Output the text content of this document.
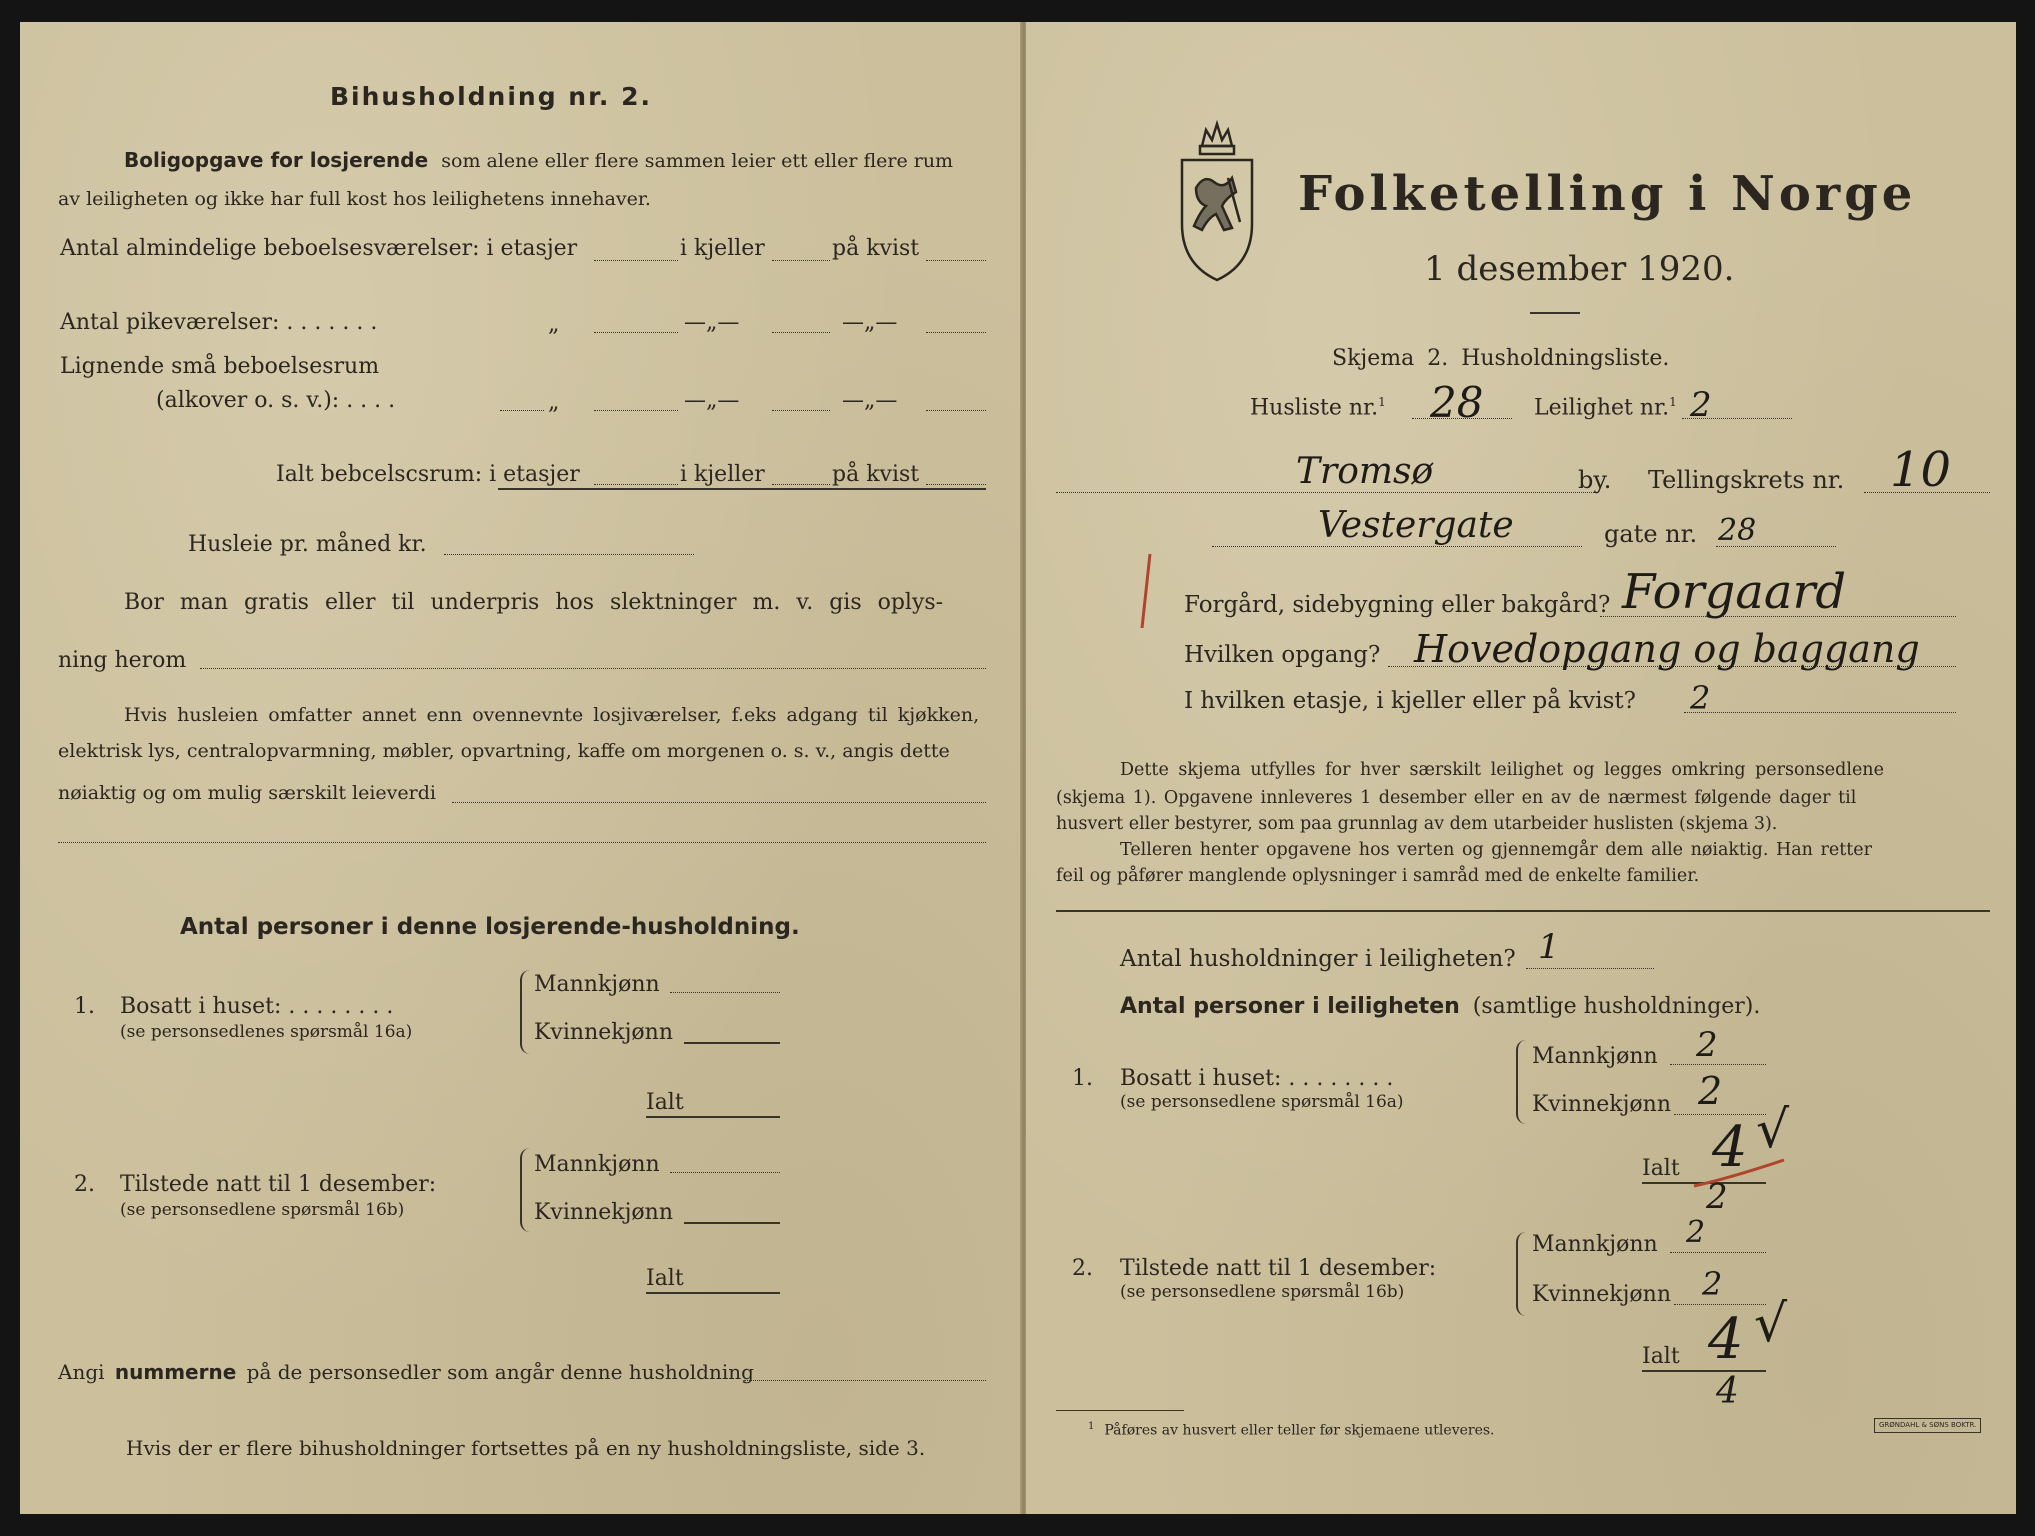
Bihusholdning nr. 2.
Boligopgave for losjerende som alene eller flere sammen leier ett eller flere rum
av leiligheten og ikke har full kost hos leilighetens innehaver.
Antal almindelige beboelsesværelser: i etasjer	i kjeller	på kvist
Antal pikeværelser: . . . . . . .	„	—„—	—„—
Lignende små beboelsesrum
(alkover o. s. v.): . . . .	„	—„—	—„—
Ialt bebcelscsrum: i etasjer	i kjeller	på kvist
Husleie pr. måned kr.
Bor man gratis eller til underpris hos slektninger m. v. gis oplys-
ning herom
Hvis husleien omfatter annet enn ovennevnte losjiværelser, f.eks adgang til kjøkken,
elektrisk lys, centralopvarmning, møbler, opvartning, kaffe om morgenen o. s. v., angis dette
nøiaktig og om mulig særskilt leieverdi
Antal personer i denne losjerende-husholdning.
1. Bosatt i huset: . . . . . . . .
(se personsedlenes spørsmål 16a)
Mannkjønn
Kvinnekjønn
Ialt
2. Tilstede natt til 1 desember:
(se personsedlene spørsmål 16b)
Mannkjønn
Kvinnekjønn
Ialt
Angi nummerne på de personsedler som angår denne husholdning
Hvis der er flere bihusholdninger fortsettes på en ny husholdningsliste, side 3.
Folketelling i Norge
1 desember 1920.
Skjema 2. Husholdningsliste.
Husliste nr.$^1$ 28 Leilighet nr.$^1$ 2
Tromsø	by. Tellingskrets nr. 10
Vestergate	gate nr. 28
Forgård, sidebygning eller bakgård? Forgaard
Hvilken opgang? Hovedopgang og baggang
I hvilken etasje, i kjeller eller på kvist? 2
Dette skjema utfylles for hver særskilt leilighet og legges omkring personsedlene
(skjema 1). Opgavene innleveres 1 desember eller en av de nærmest følgende dager til
husvert eller bestyrer, som paa grunnlag av dem utarbeider huslisten (skjema 3).
Telleren henter opgavene hos verten og gjennemgår dem alle nøiaktig. Han retter
feil og påfører manglende oplysninger i samråd med de enkelte familier.
Antal husholdninger i leiligheten? 1
Antal personer i leiligheten (samtlige husholdninger).
1. Bosatt i huset: . . . . . . . .
(se personsedlene spørsmål 16a)
Mannkjønn 2
Kvinnekjønn 2
Ialt 4 √
2
2. Tilstede natt til 1 desember:
(se personsedlene spørsmål 16b)
Mannkjønn 2
Kvinnekjønn 2
Ialt 4 √
4
$^1$ Påføres av husvert eller teller før skjemaene utleveres.	GRØNDAHL & SØNS BOKTR.
